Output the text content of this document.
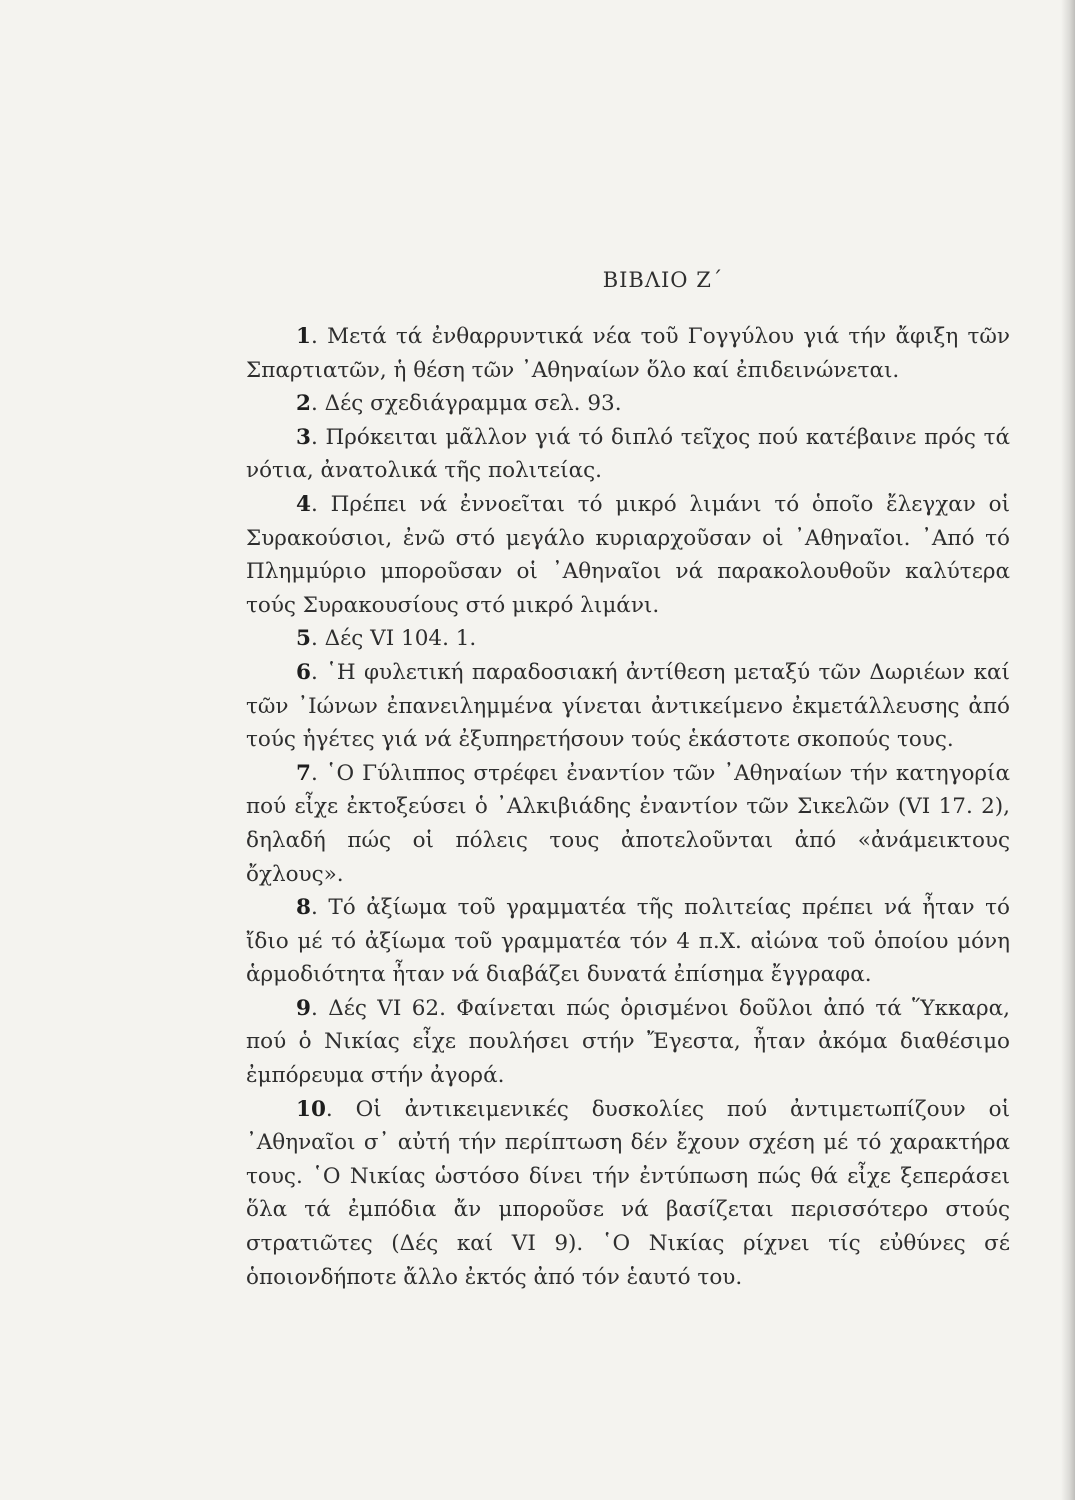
ΒΙΒΛΙΟ Ζ΄

1. Μετά τά ἐνθαρρυντικά νέα τοῦ Γογγύλου γιά τήν ἄφιξη τῶν Σπαρτιατῶν, ἡ θέση τῶν ᾿Αθηναίων ὅλο καί ἐπιδεινώνεται.

2. Δές σχεδιάγραμμα σελ. 93.

3. Πρόκειται μᾶλλον γιά τό διπλό τεῖχος πού κατέβαινε πρός τά νότια, ἀνατολικά τῆς πολιτείας.

4. Πρέπει νά ἐννοεῖται τό μικρό λιμάνι τό ὁποῖο ἔλεγχαν οἱ Συρακούσιοι, ἐνῶ στό μεγάλο κυριαρχοῦσαν οἱ ᾿Αθηναῖοι. ᾿Από τό Πλημμύριο μποροῦσαν οἱ ᾿Αθηναῖοι νά παρακολουθοῦν καλύτερα τούς Συρακουσίους στό μικρό λιμάνι.

5. Δές VI 104. 1.

6. ῾Η φυλετική παραδοσιακή ἀντίθεση μεταξύ τῶν Δωριέων καί τῶν ᾿Ιώνων ἐπανειλημμένα γίνεται ἀντικείμενο ἐκμετάλλευσης ἀπό τούς ἡγέτες γιά νά ἐξυπηρετήσουν τούς ἑκάστοτε σκοπούς τους.

7. ῾Ο Γύλιππος στρέφει ἐναντίον τῶν ᾿Αθηναίων τήν κατηγορία πού εἶχε ἐκτοξεύσει ὁ ᾿Αλκιβιάδης ἐναντίον τῶν Σικελῶν (VI 17. 2), δηλαδή πώς οἱ πόλεις τους ἀποτελοῦνται ἀπό «ἀνάμεικτους ὄχλους».

8. Τό ἀξίωμα τοῦ γραμματέα τῆς πολιτείας πρέπει νά ἦταν τό ἴδιο μέ τό ἀξίωμα τοῦ γραμματέα τόν 4 π.Χ. αἰώνα τοῦ ὁποίου μόνη ἁρμοδιότητα ἦταν νά διαβάζει δυνατά ἐπίσημα ἔγγραφα.

9. Δές VI 62. Φαίνεται πώς ὁρισμένοι δοῦλοι ἀπό τά Ὕκκαρα, πού ὁ Νικίας εἶχε πουλήσει στήν Ἔγεστα, ἦταν ἀκόμα διαθέσιμο ἐμπόρευμα στήν ἀγορά.

10. Οἱ ἀντικειμενικές δυσκολίες πού ἀντιμετωπίζουν οἱ ᾿Αθηναῖοι σ᾿ αὐτή τήν περίπτωση δέν ἔχουν σχέση μέ τό χαρακτήρα τους. ῾Ο Νικίας ὡστόσο δίνει τήν ἐντύπωση πώς θά εἶχε ξεπεράσει ὅλα τά ἐμπόδια ἄν μποροῦσε νά βασίζεται περισσότερο στούς στρατιῶτες (Δές καί VI 9). ῾Ο Νικίας ρίχνει τίς εὐθύνες σέ ὁποιονδήποτε ἄλλο ἐκτός ἀπό τόν ἑαυτό του.
